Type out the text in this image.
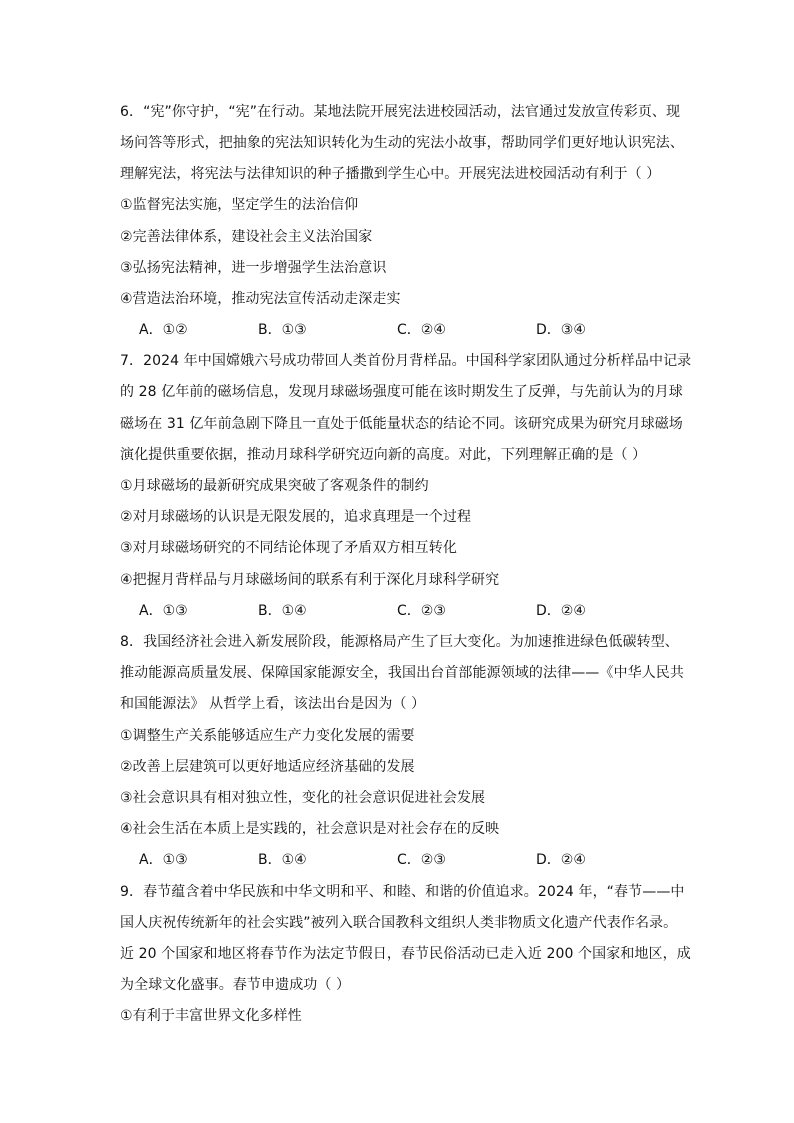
6．“宪”你守护，“宪”在行动。某地法院开展宪法进校园活动，法官通过发放宣传彩页、现
场问答等形式，把抽象的宪法知识转化为生动的宪法小故事，帮助同学们更好地认识宪法、
理解宪法，将宪法与法律知识的种子播撒到学生心中。开展宪法进校园活动有利于（ ）
①监督宪法实施，坚定学生的法治信仰
②完善法律体系，建设社会主义法治国家
③弘扬宪法精神，进一步增强学生法治意识
④营造法治环境，推动宪法宣传活动走深走实
A．①②	B．①③	C．②④	D．③④
7．2024 年中国嫦娥六号成功带回人类首份月背样品。中国科学家团队通过分析样品中记录
的 28 亿年前的磁场信息，发现月球磁场强度可能在该时期发生了反弹，与先前认为的月球
磁场在 31 亿年前急剧下降且一直处于低能量状态的结论不同。该研究成果为研究月球磁场
演化提供重要依据，推动月球科学研究迈向新的高度。对此，下列理解正确的是（ ）
①月球磁场的最新研究成果突破了客观条件的制约
②对月球磁场的认识是无限发展的，追求真理是一个过程
③对月球磁场研究的不同结论体现了矛盾双方相互转化
④把握月背样品与月球磁场间的联系有利于深化月球科学研究
A．①③	B．①④	C．②③	D．②④
8．我国经济社会进入新发展阶段，能源格局产生了巨大变化。为加速推进绿色低碳转型、
推动能源高质量发展、保障国家能源安全，我国出台首部能源领域的法律——《中华人民共
和国能源法》 从哲学上看，该法出台是因为（ ）
①调整生产关系能够适应生产力变化发展的需要
②改善上层建筑可以更好地适应经济基础的发展
③社会意识具有相对独立性，变化的社会意识促进社会发展
④社会生活在本质上是实践的，社会意识是对社会存在的反映
A．①③	B．①④	C．②③	D．②④
9．春节蕴含着中华民族和中华文明和平、和睦、和谐的价值追求。2024 年，“春节——中
国人庆祝传统新年的社会实践”被列入联合国教科文组织人类非物质文化遗产代表作名录。
近 20 个国家和地区将春节作为法定节假日，春节民俗活动已走入近 200 个国家和地区，成
为全球文化盛事。春节申遗成功（ ）
①有利于丰富世界文化多样性
